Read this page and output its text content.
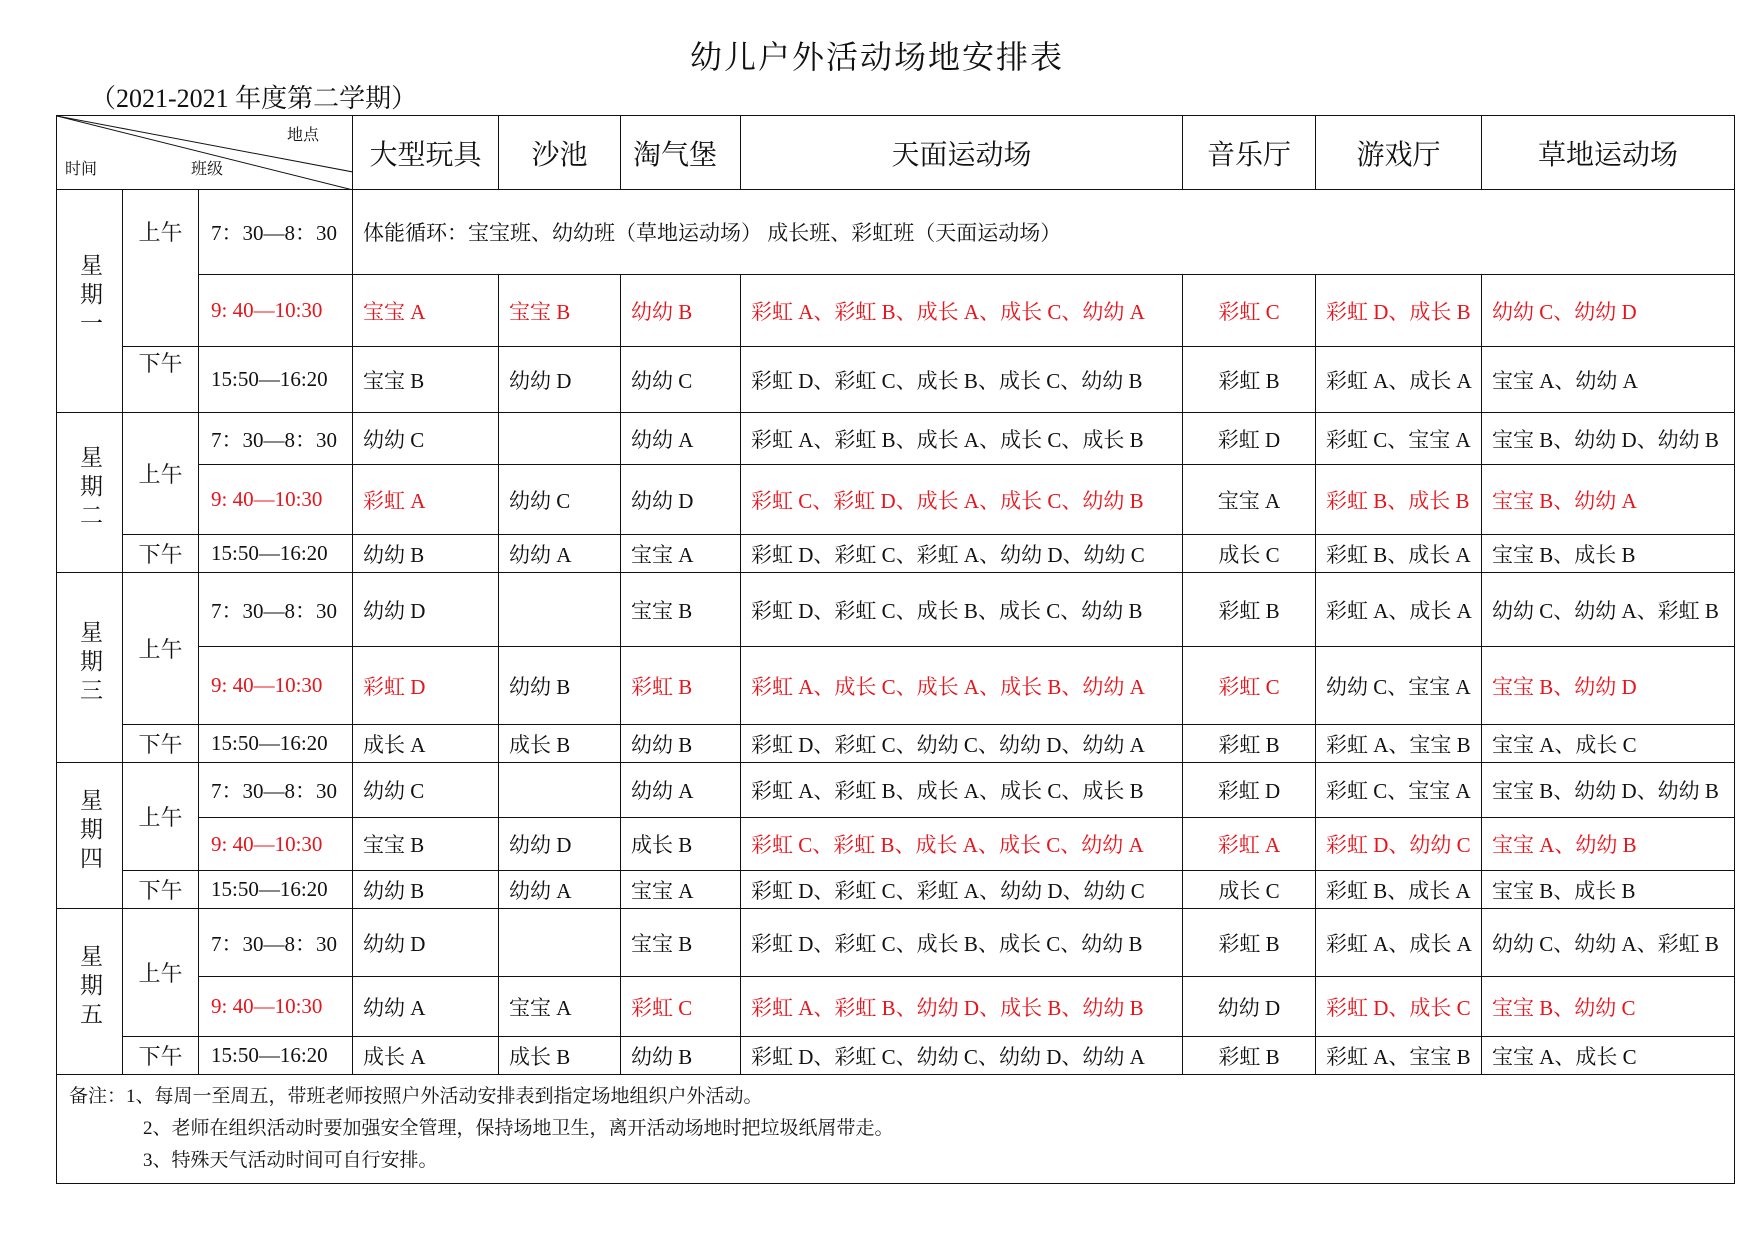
幼儿户外活动场地安排表
（2021-2021 年度第二学期）
地点
时间 班级			大型玩具	沙池	淘气堡	天面运动场	音乐厅	游戏厅	草地运动场
星期一	上午	7：30—8：30	体能循环：宝宝班、幼幼班（草地运动场） 成长班、彩虹班（天面运动场）						
		9: 40—10:30	宝宝 A	宝宝 B	幼幼 B	彩虹 A、彩虹 B、成长 A、成长 C、幼幼 A	彩虹 C	彩虹 D、成长 B	幼幼 C、幼幼 D
	下午	15:50—16:20	宝宝 B	幼幼 D	幼幼 C	彩虹 D、彩虹 C、成长 B、成长 C、幼幼 B	彩虹 B	彩虹 A、成长 A	宝宝 A、幼幼 A
星期二	上午	7：30—8：30	幼幼 C		幼幼 A	彩虹 A、彩虹 B、成长 A、成长 C、成长 B	彩虹 D	彩虹 C、宝宝 A	宝宝 B、幼幼 D、幼幼 B
		9: 40—10:30	彩虹 A	幼幼 C	幼幼 D	彩虹 C、彩虹 D、成长 A、成长 C、幼幼 B	宝宝 A	彩虹 B、成长 B	宝宝 B、幼幼 A
	下午	15:50—16:20	幼幼 B	幼幼 A	宝宝 A	彩虹 D、彩虹 C、彩虹 A、幼幼 D、幼幼 C	成长 C	彩虹 B、成长 A	宝宝 B、成长 B
星期三	上午	7：30—8：30	幼幼 D		宝宝 B	彩虹 D、彩虹 C、成长 B、成长 C、幼幼 B	彩虹 B	彩虹 A、成长 A	幼幼 C、幼幼 A、彩虹 B
		9: 40—10:30	彩虹 D	幼幼 B	彩虹 B	彩虹 A、成长 C、成长 A、成长 B、幼幼 A	彩虹 C	幼幼 C、宝宝 A	宝宝 B、幼幼 D
	下午	15:50—16:20	成长 A	成长 B	幼幼 B	彩虹 D、彩虹 C、幼幼 C、幼幼 D、幼幼 A	彩虹 B	彩虹 A、宝宝 B	宝宝 A、成长 C
星期四	上午	7：30—8：30	幼幼 C		幼幼 A	彩虹 A、彩虹 B、成长 A、成长 C、成长 B	彩虹 D	彩虹 C、宝宝 A	宝宝 B、幼幼 D、幼幼 B
		9: 40—10:30	宝宝 B	幼幼 D	成长 B	彩虹 C、彩虹 B、成长 A、成长 C、幼幼 A	彩虹 A	彩虹 D、幼幼 C	宝宝 A、幼幼 B
	下午	15:50—16:20	幼幼 B	幼幼 A	宝宝 A	彩虹 D、彩虹 C、彩虹 A、幼幼 D、幼幼 C	成长 C	彩虹 B、成长 A	宝宝 B、成长 B
星期五	上午	7：30—8：30	幼幼 D		宝宝 B	彩虹 D、彩虹 C、成长 B、成长 C、幼幼 B	彩虹 B	彩虹 A、成长 A	幼幼 C、幼幼 A、彩虹 B
		9: 40—10:30	幼幼 A	宝宝 A	彩虹 C	彩虹 A、彩虹 B、幼幼 D、成长 B、幼幼 B	幼幼 D	彩虹 D、成长 C	宝宝 B、幼幼 C
	下午	15:50—16:20	成长 A	成长 B	幼幼 B	彩虹 D、彩虹 C、幼幼 C、幼幼 D、幼幼 A	彩虹 B	彩虹 A、宝宝 B	宝宝 A、成长 C

备注：1、每周一至周五，带班老师按照户外活动安排表到指定场地组织户外活动。
2、老师在组织活动时要加强安全管理，保持场地卫生，离开活动场地时把垃圾纸屑带走。
3、特殊天气活动时间可自行安排。									
